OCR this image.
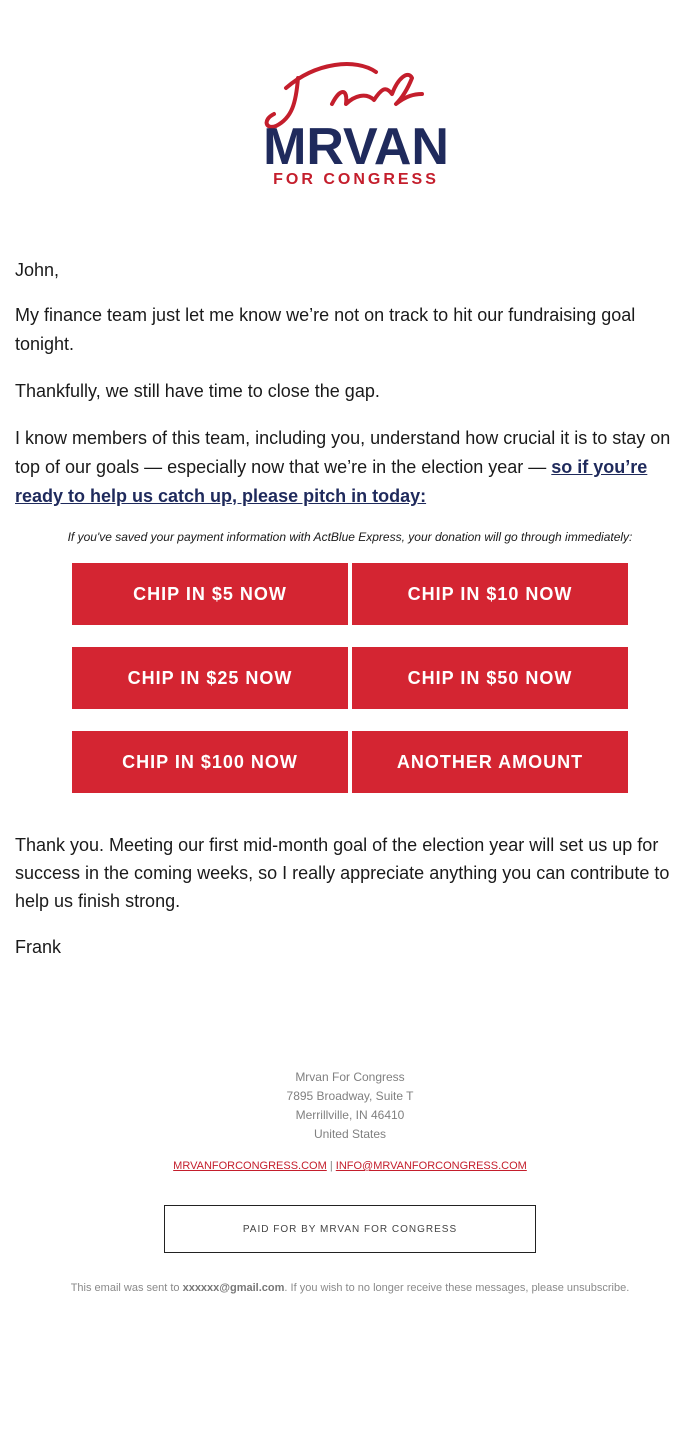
MRVAN
FOR CONGRESS

John,

My finance team just let me know we’re not on track to hit our fundraising goal tonight.

Thankfully, we still have time to close the gap.

I know members of this team, including you, understand how crucial it is to stay on top of our goals — especially now that we’re in the election year — so if you’re ready to help us catch up, please pitch in today:

If you've saved your payment information with ActBlue Express, your donation will go through immediately:
CHIP IN $5 NOW	CHIP IN $10 NOW
CHIP IN $25 NOW	CHIP IN $50 NOW
CHIP IN $100 NOW	ANOTHER AMOUNT

Thank you. Meeting our first mid-month goal of the election year will set us up for success in the coming weeks, so I really appreciate anything you can contribute to help us finish strong.

Frank

Mrvan For Congress
7895 Broadway, Suite T
Merrillville, IN 46410
United States
MRVANFORCONGRESS.COM | INFO@MRVANFORCONGRESS.COM
PAID FOR BY MRVAN FOR CONGRESS
This email was sent to xxxxxx@gmail.com. If you wish to no longer receive these messages, please unsubscribe.
